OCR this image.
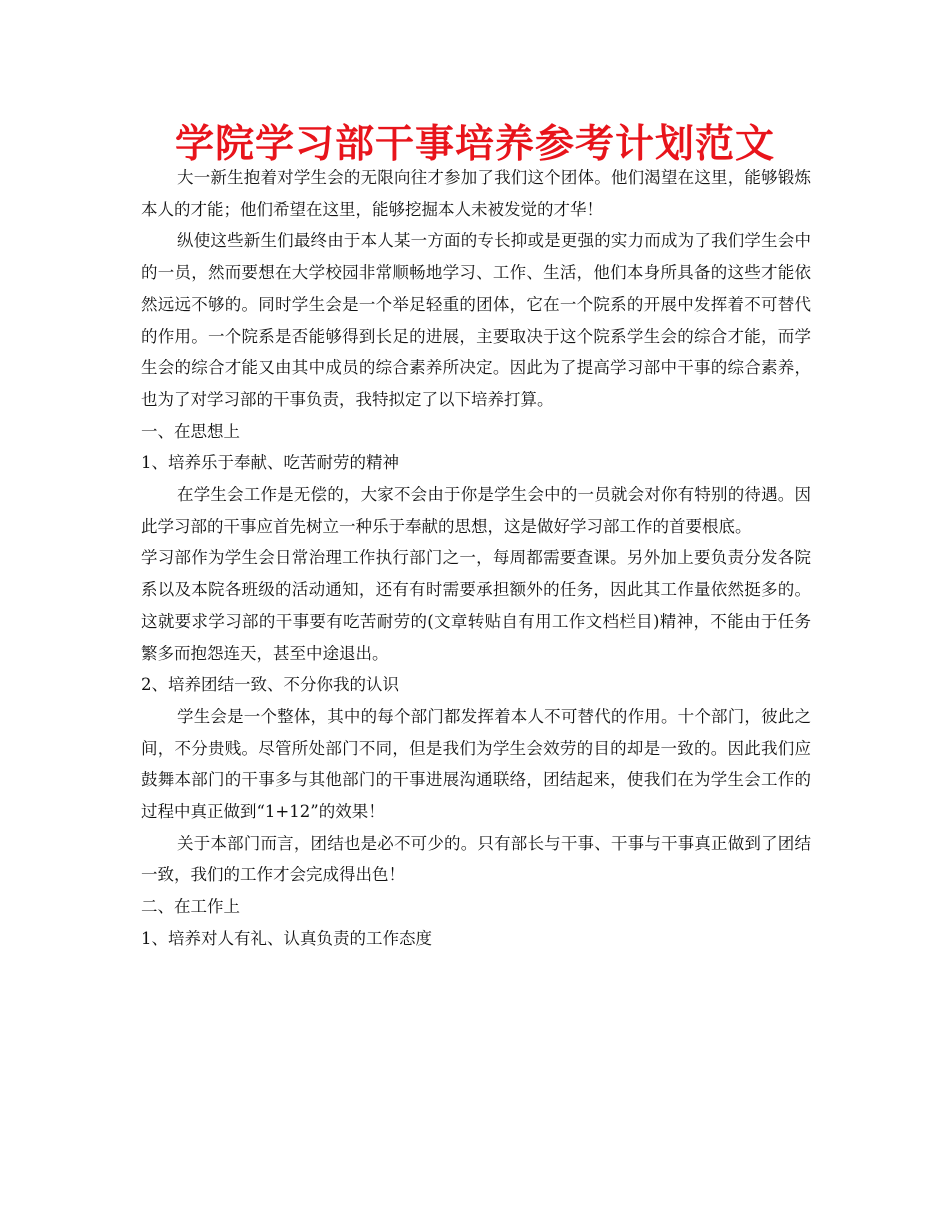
学院学习部干事培养参考计划范文

大一新生抱着对学生会的无限向往才参加了我们这个团体。他们渴望在这里，能够锻炼本人的才能；他们希望在这里，能够挖掘本人未被发觉的才华！

纵使这些新生们最终由于本人某一方面的专长抑或是更强的实力而成为了我们学生会中的一员，然而要想在大学校园非常顺畅地学习、工作、生活，他们本身所具备的这些才能依然远远不够的。同时学生会是一个举足轻重的团体，它在一个院系的开展中发挥着不可替代的作用。一个院系是否能够得到长足的进展，主要取决于这个院系学生会的综合才能，而学生会的综合才能又由其中成员的综合素养所决定。因此为了提高学习部中干事的综合素养，也为了对学习部的干事负责，我特拟定了以下培养打算。

一、在思想上

1、培养乐于奉献、吃苦耐劳的精神

在学生会工作是无偿的，大家不会由于你是学生会中的一员就会对你有特别的待遇。因此学习部的干事应首先树立一种乐于奉献的思想，这是做好学习部工作的首要根底。

学习部作为学生会日常治理工作执行部门之一，每周都需要查课。另外加上要负责分发各院系以及本院各班级的活动通知，还有有时需要承担额外的任务，因此其工作量依然挺多的。这就要求学习部的干事要有吃苦耐劳的(文章转贴自有用工作文档栏目)精神，不能由于任务繁多而抱怨连天，甚至中途退出。

2、培养团结一致、不分你我的认识

学生会是一个整体，其中的每个部门都发挥着本人不可替代的作用。十个部门，彼此之间，不分贵贱。尽管所处部门不同，但是我们为学生会效劳的目的却是一致的。因此我们应鼓舞本部门的干事多与其他部门的干事进展沟通联络，团结起来，使我们在为学生会工作的过程中真正做到“1+12”的效果！

关于本部门而言，团结也是必不可少的。只有部长与干事、干事与干事真正做到了团结一致，我们的工作才会完成得出色！

二、在工作上

1、培养对人有礼、认真负责的工作态度
